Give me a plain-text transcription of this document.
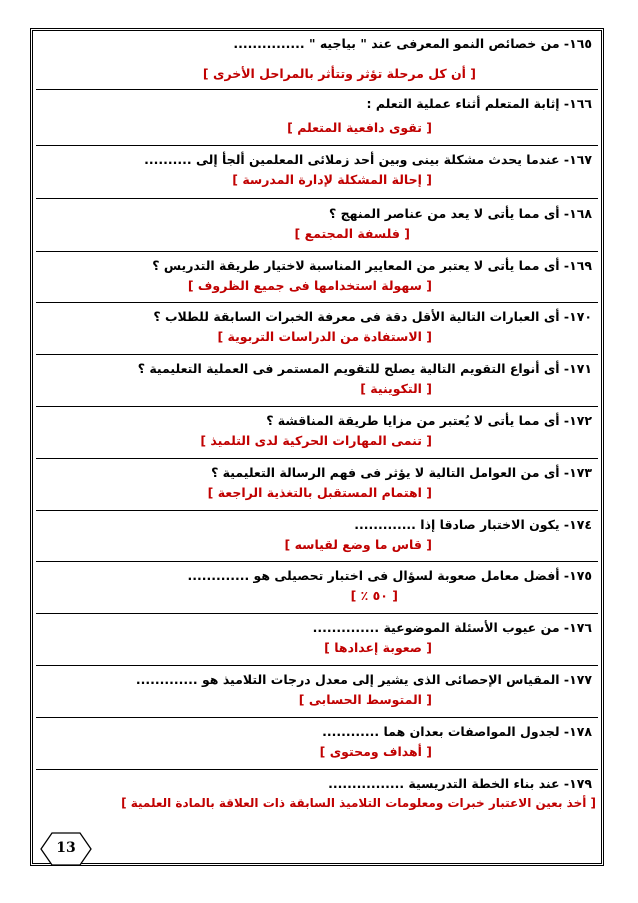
١٦٥- من خصائص النمو المعرفى عند " بياجيه " ...............
[ أن كل مرحلة تؤثر وتتأثر بالمراحل الأخرى ]
١٦٦- إثابة المتعلم أثناء عملية التعلم :
[ تقوى دافعية المتعلم ]
١٦٧- عندما يحدث مشكلة بينى وبين أحد زملائى المعلمين ألجأ إلى ..........
[ إحالة المشكلة لإدارة المدرسة ]
١٦٨- أى مما يأتى لا يعد من عناصر المنهج ؟
[ فلسفة المجتمع ]
١٦٩- أى مما يأتى لا يعتبر من المعايير المناسبة لاختيار طريقة التدريس ؟
[ سهولة استخدامها فى جميع الظروف ]
١٧٠- أى العبارات التالية الأقل دقة فى معرفة الخبرات السابقة للطلاب ؟
[ الاستفادة من الدراسات التربوية ]
١٧١- أى أنواع التقويم التالية يصلح للتقويم المستمر فى العملية التعليمية ؟
[ التكوينية ]
١٧٢- أى مما يأتى لا يُعتبر من مزايا طريقة المناقشة ؟
[ تنمى المهارات الحركية لدى التلميذ ]
١٧٣- أى من العوامل التالية لا يؤثر فى فهم الرسالة التعليمية ؟
[ اهتمام المستقبل بالتغذية الراجعة ]
١٧٤- يكون الاختبار صادقا إذا .............
[ قاس ما وضع لقياسه ]
١٧٥- أفضل معامل صعوبة لسؤال فى اختبار تحصيلى هو .............
[ ٥٠ ٪ ]
١٧٦- من عيوب الأسئلة الموضوعية ..............
[ صعوبة إعدادها ]
١٧٧- المقياس الإحصائى الذى يشير إلى معدل درجات التلاميذ هو .............
[ المتوسط الحسابى ]
١٧٨- لجدول المواصفات بعدان هما ............
[ أهداف ومحتوى ]
١٧٩- عند بناء الخطة التدريسية ................
[ أخذ بعين الاعتبار خبرات ومعلومات التلاميذ السابقة ذات العلاقة بالمادة العلمية ]
13
